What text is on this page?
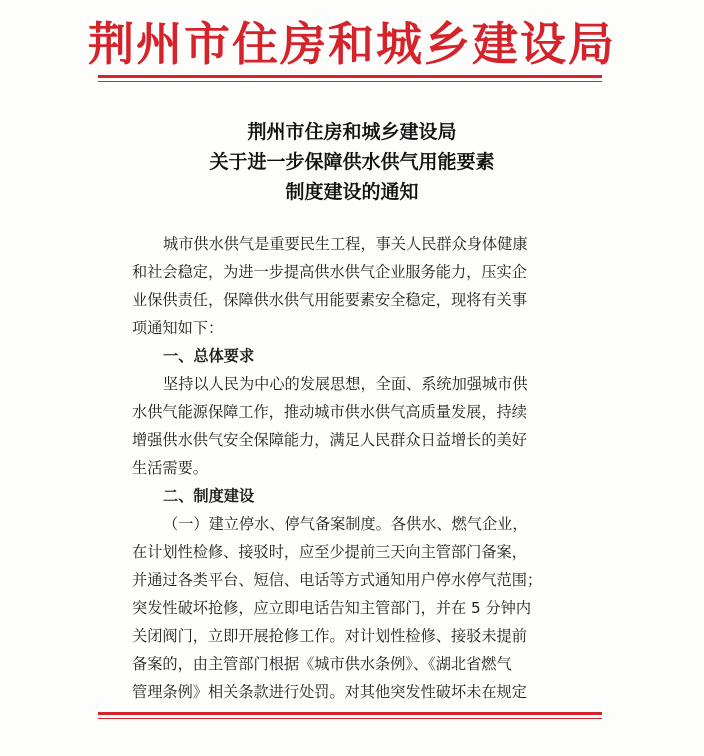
荆州市住房和城乡建设局
荆州市住房和城乡建设局
关于进一步保障供水供气用能要素
制度建设的通知
城市供水供气是重要民生工程，事关人民群众身体健康
和社会稳定，为进一步提高供水供气企业服务能力，压实企
业保供责任，保障供水供气用能要素安全稳定，现将有关事
项通知如下：
一、总体要求
坚持以人民为中心的发展思想，全面、系统加强城市供
水供气能源保障工作，推动城市供水供气高质量发展，持续
增强供水供气安全保障能力，满足人民群众日益增长的美好
生活需要。
二、制度建设
（一）建立停水、停气备案制度。各供水、燃气企业，
在计划性检修、接驳时，应至少提前三天向主管部门备案，
并通过各类平台、短信、电话等方式通知用户停水停气范围；
突发性破坏抢修，应立即电话告知主管部门，并在 5 分钟内
关闭阀门，立即开展抢修工作。对计划性检修、接驳未提前
备案的，由主管部门根据《城市供水条例》、《湖北省燃气
管理条例》相关条款进行处罚。对其他突发性破坏未在规定
